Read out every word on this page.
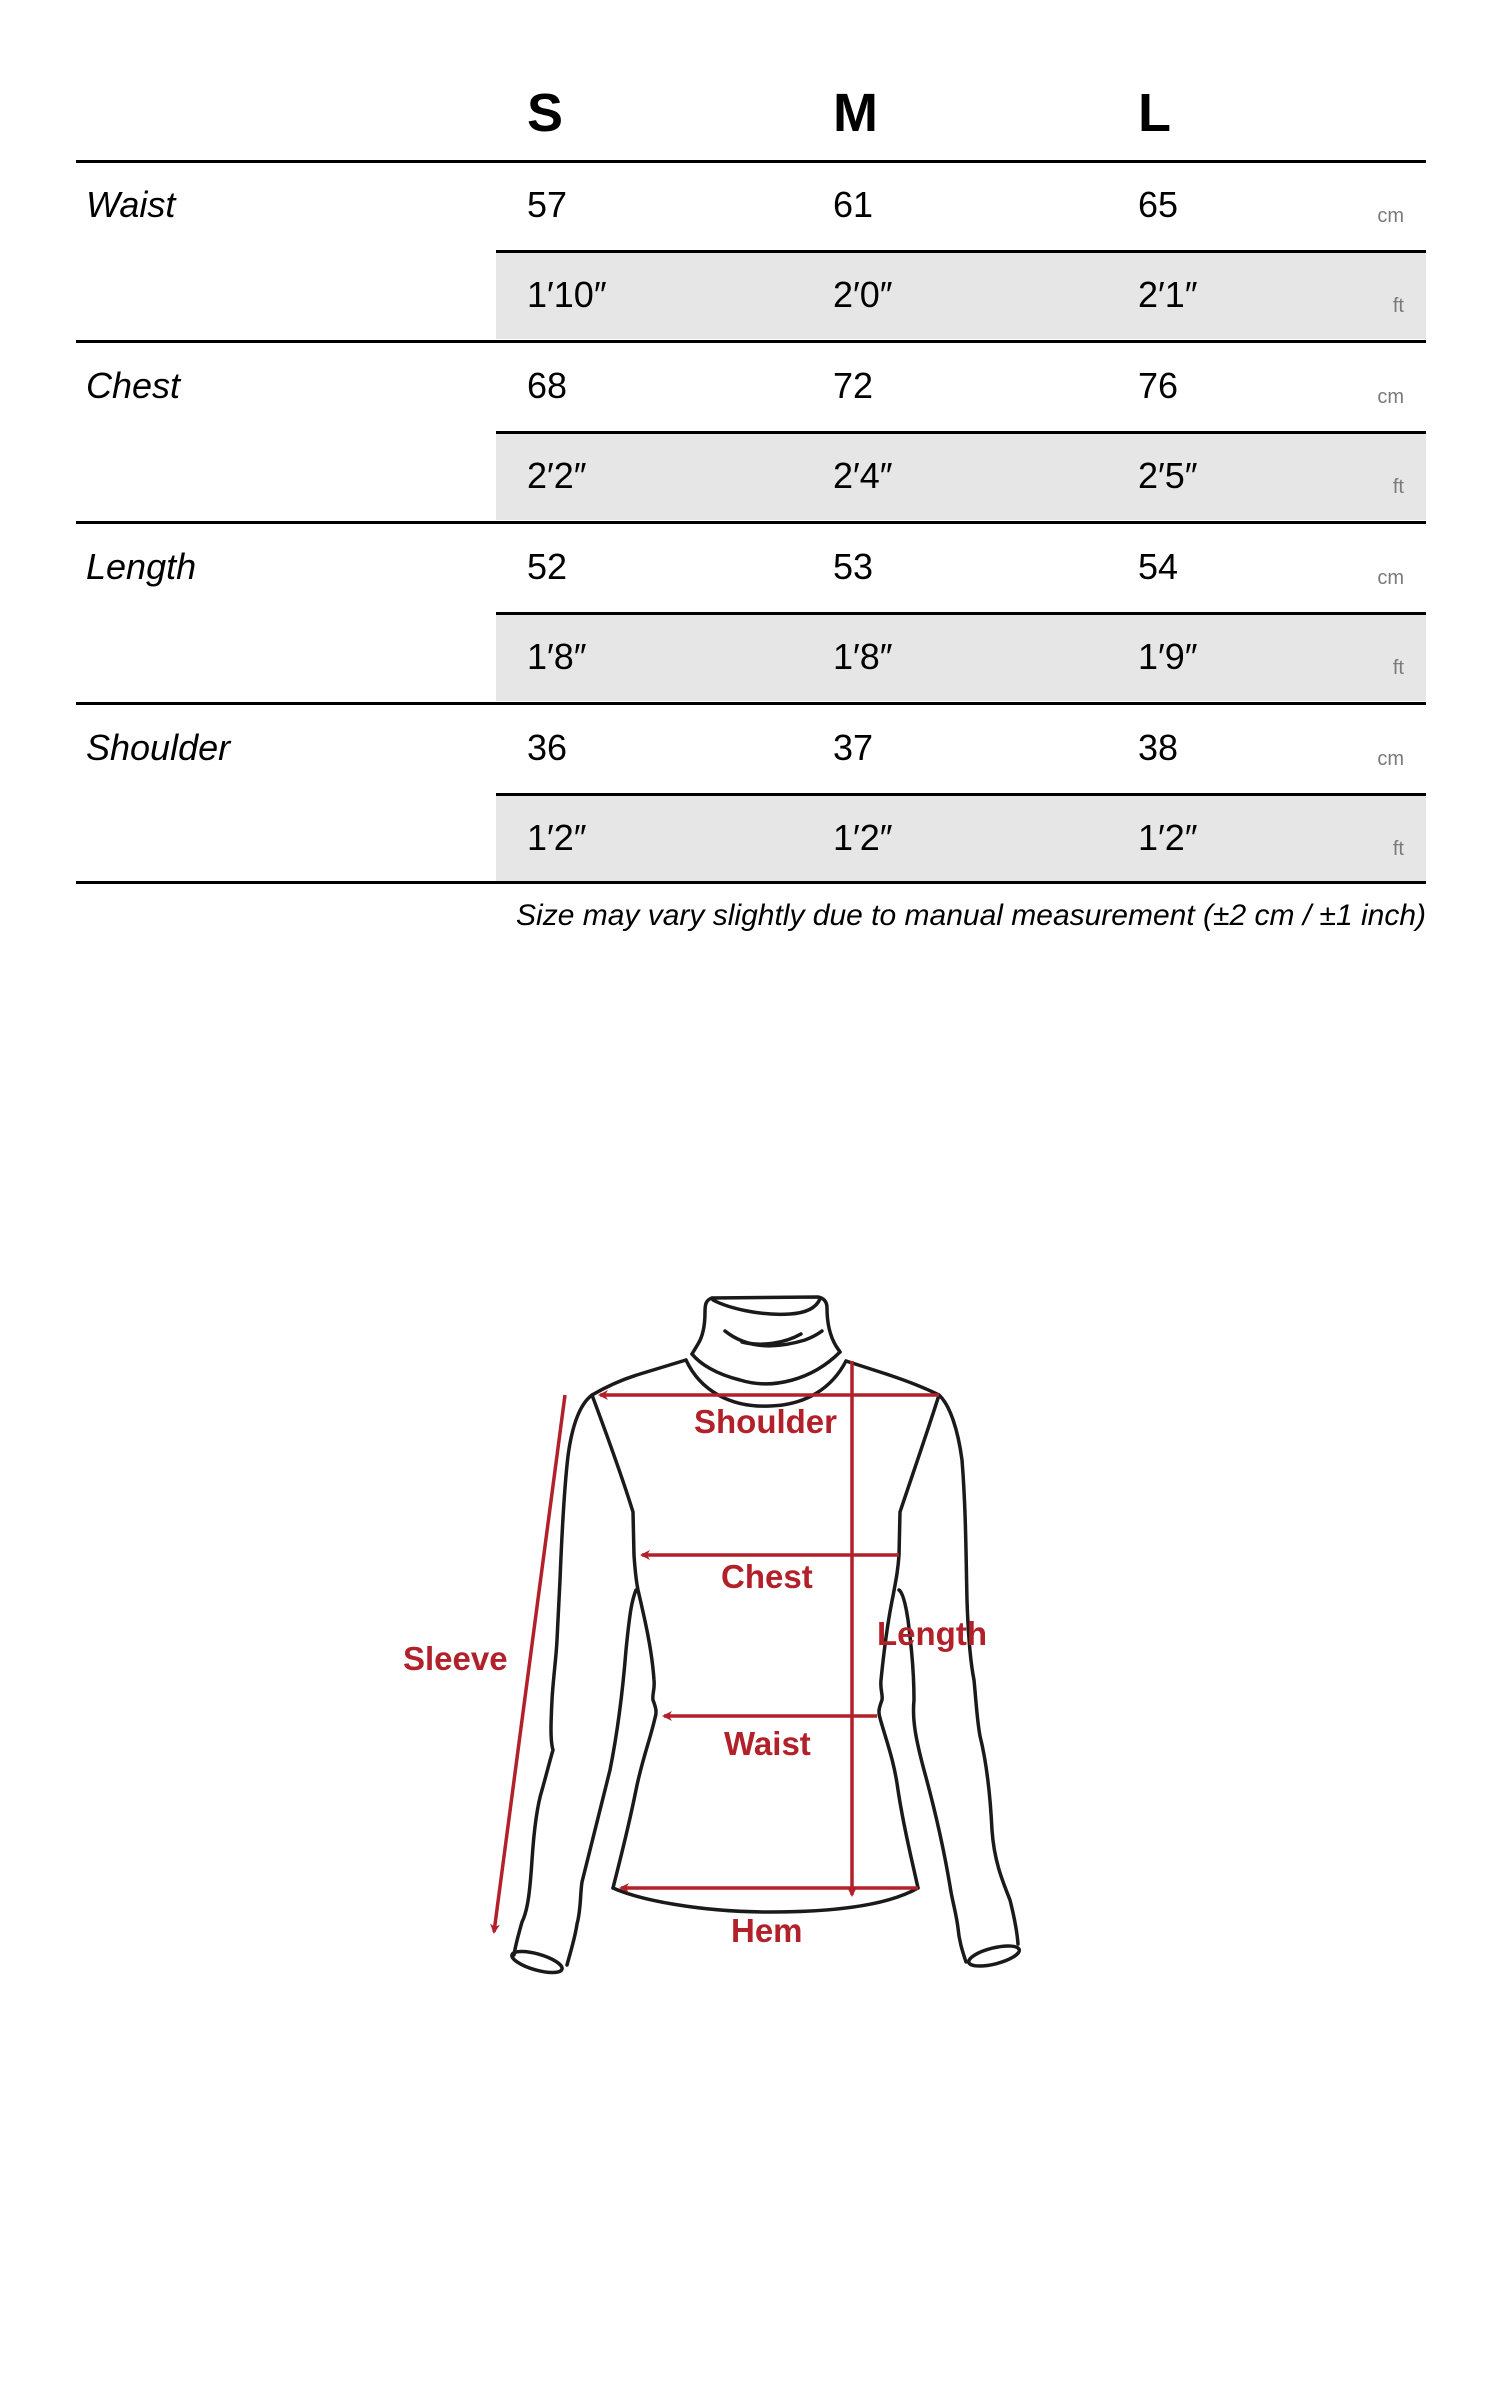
S	M	L
Waist	57	61	65	cm
1′10″	2′0″	2′1″	ft
Chest	68	72	76	cm
2′2″	2′4″	2′5″	ft
Length	52	53	54	cm
1′8″	1′8″	1′9″	ft
Shoulder	36	37	38	cm
1′2″	1′2″	1′2″	ft
Size may vary slightly due to manual measurement (±2 cm / ±1 inch)
Shoulder
Chest
Length
Sleeve
Waist
Hem
